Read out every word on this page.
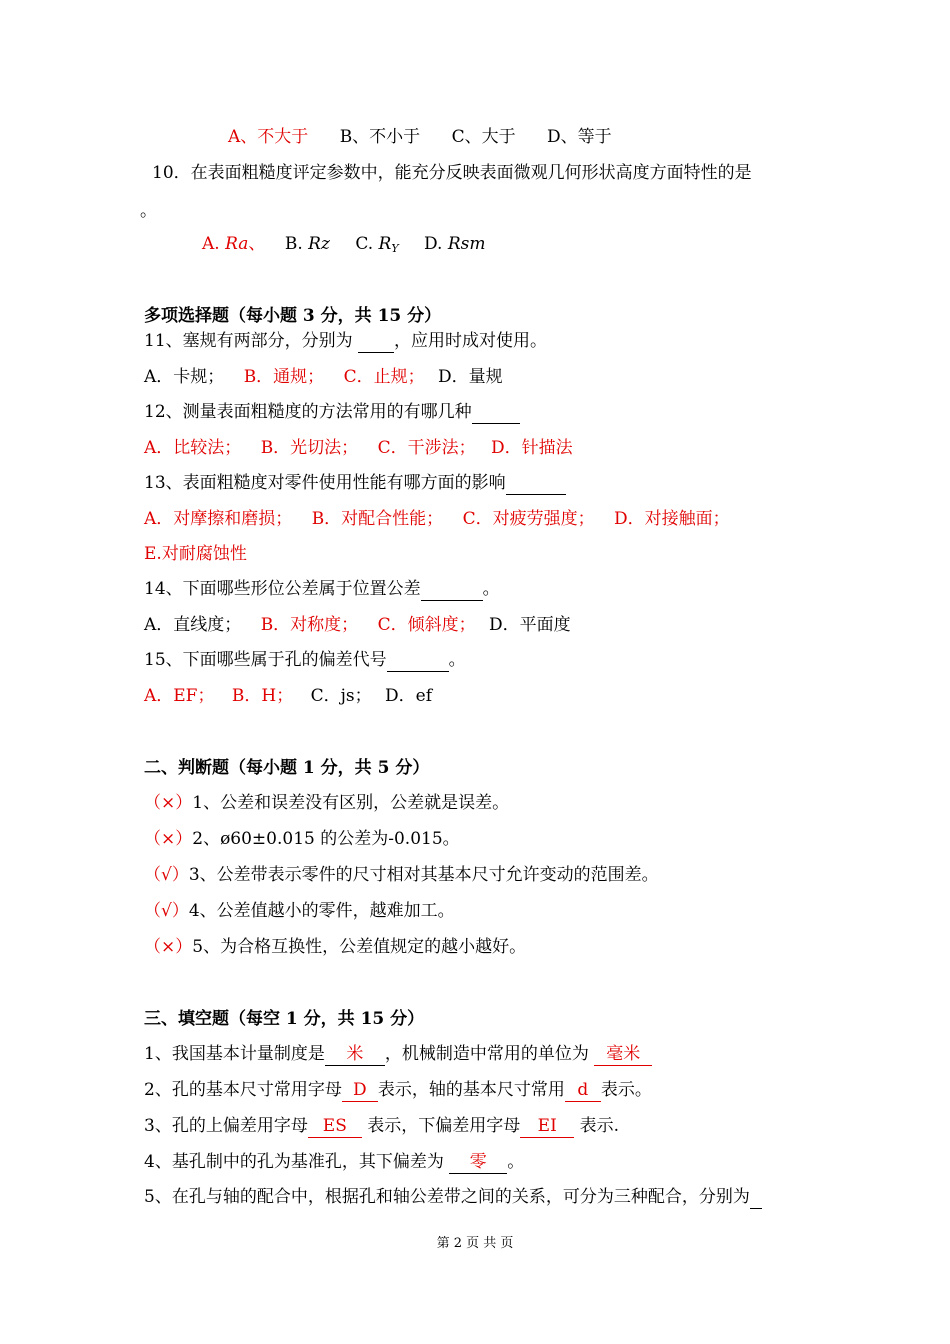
A、不大于 B、不小于 C、大于 D、等于
10．在表面粗糙度评定参数中，能充分反映表面微观几何形状高度方面特性的是
。
A. Ra、 B. Rz C. $R_Y$ D. Rsm
多项选择题（每小题 3 分，共 15 分）
11、塞规有两部分，分别为  ，应用时成对使用。
A．卡规； B．通规； C．止规； D．量规
12、测量表面粗糙度的方法常用的有哪几种
A．比较法； B．光切法； C．干涉法； D．针描法
13、表面粗糙度对零件使用性能有哪方面的影响
A．对摩擦和磨损； B．对配合性能； C．对疲劳强度； D．对接触面；
E.对耐腐蚀性
14、下面哪些形位公差属于位置公差	。
A．直线度； B．对称度； C．倾斜度； D．平面度
15、下面哪些属于孔的偏差代号	。
A．EF； B．H； C．js； D．ef
二、判断题（每小题 1 分，共 5 分）
（×）1、公差和误差没有区别，公差就是误差。
（×）2、ø60±0.015 的公差为-0.015。
（√）3、公差带表示零件的尺寸相对其基本尺寸允许变动的范围差。
（√）4、公差值越小的零件，越难加工。
（×）5、为合格互换性，公差值规定的越小越好。
三、填空题（每空 1 分，共 15 分）
1、我国基本计量制度是 米 ，机械制造中常用的单位为 毫米
2、孔的基本尺寸常用字母 D 表示，轴的基本尺寸常用 d 表示。
3、孔的上偏差用字母 ES 表示，下偏差用字母 EI 表示.
4、基孔制中的孔为基准孔，其下偏差为 零 。
5、在孔与轴的配合中，根据孔和轴公差带之间的关系，可分为三种配合，分别为
第 2 页 共 页
